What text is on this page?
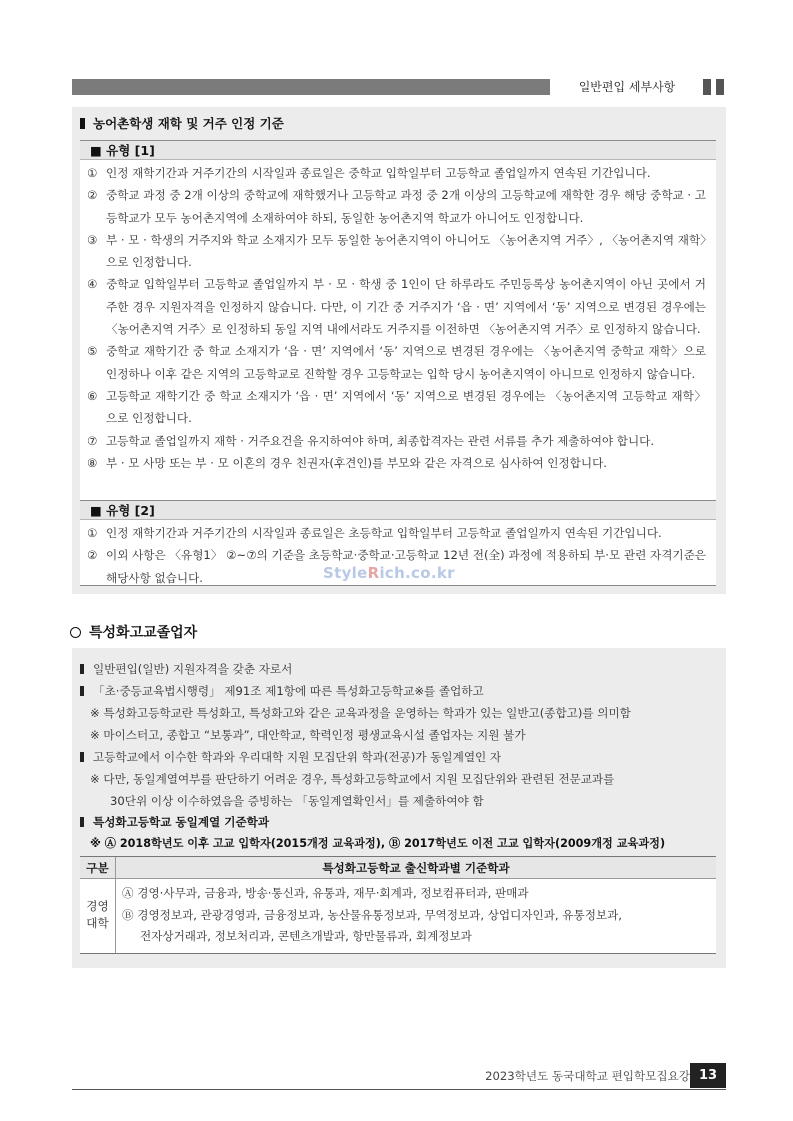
일반편입 세부사항
농어촌학생 재학 및 거주 인정 기준
■ 유형 [1]
① 인정 재학기간과 거주기간의 시작일과 종료일은 중학교 입학일부터 고등학교 졸업일까지 연속된 기간입니다.
② 중학교 과정 중 2개 이상의 중학교에 재학했거나 고등학교 과정 중 2개 이상의 고등학교에 재학한 경우 해당 중학교 · 고등학교가 모두 농어촌지역에 소재하여야 하되, 동일한 농어촌지역 학교가 아니어도 인정합니다.
③ 부 · 모 · 학생의 거주지와 학교 소재지가 모두 동일한 농어촌지역이 아니어도 〈농어촌지역 거주〉, 〈농어촌지역 재학〉으로 인정합니다.
④ 중학교 입학일부터 고등학교 졸업일까지 부 · 모 · 학생 중 1인이 단 하루라도 주민등록상 농어촌지역이 아닌 곳에서 거주한 경우 지원자격을 인정하지 않습니다. 다만, 이 기간 중 거주지가 ‘읍 · 면’ 지역에서 ‘동’ 지역으로 변경된 경우에는 〈농어촌지역 거주〉로 인정하되 동일 지역 내에서라도 거주지를 이전하면 〈농어촌지역 거주〉로 인정하지 않습니다.
⑤ 중학교 재학기간 중 학교 소재지가 ‘읍 · 면’ 지역에서 ‘동’ 지역으로 변경된 경우에는 〈농어촌지역 중학교 재학〉으로 인정하나 이후 같은 지역의 고등학교로 진학할 경우 고등학교는 입학 당시 농어촌지역이 아니므로 인정하지 않습니다.
⑥ 고등학교 재학기간 중 학교 소재지가 ‘읍 · 면’ 지역에서 ‘동’ 지역으로 변경된 경우에는 〈농어촌지역 고등학교 재학〉으로 인정합니다.
⑦ 고등학교 졸업일까지 재학 · 거주요건을 유지하여야 하며, 최종합격자는 관련 서류를 추가 제출하여야 합니다.
⑧ 부 · 모 사망 또는 부 · 모 이혼의 경우 친권자(후견인)를 부모와 같은 자격으로 심사하여 인정합니다.
■ 유형 [2]
① 인정 재학기간과 거주기간의 시작일과 종료일은 초등학교 입학일부터 고등학교 졸업일까지 연속된 기간입니다.
② 이외 사항은 〈유형1〉 ②~⑦의 기준을 초등학교·중학교·고등학교 12년 전(全) 과정에 적용하되 부·모 관련 자격기준은 해당사항 없습니다.	StyleRich.co.kr
특성화고교졸업자
일반편입(일반) 지원자격을 갖춘 자로서
「초·중등교육법시행령」 제91조 제1항에 따른 특성화고등학교※를 졸업하고
※ 특성화고등학교란 특성화고, 특성화고와 같은 교육과정을 운영하는 학과가 있는 일반고(종합고)를 의미함
※ 마이스터고, 종합고 “보통과”, 대안학교, 학력인정 평생교육시설 졸업자는 지원 불가
고등학교에서 이수한 학과와 우리대학 지원 모집단위 학과(전공)가 동일계열인 자
※ 다만, 동일계열여부를 판단하기 어려운 경우, 특성화고등학교에서 지원 모집단위와 관련된 전문교과를
30단위 이상 이수하였음을 증빙하는 「동일계열확인서」를 제출하여야 함
특성화고등학교 동일계열 기준학과
※ Ⓐ 2018학년도 이후 고교 입학자(2015개정 교육과정), Ⓑ 2017학년도 이전 고교 입학자(2009개정 교육과정)
구분	특성화고등학교 출신학과별 기준학과
경영
대학
Ⓐ 경영·사무과, 금융과, 방송·통신과, 유통과, 재무·회계과, 정보컴퓨터과, 판매과
Ⓑ 경영정보과, 관광경영과, 금융정보과, 농산물유통정보과, 무역정보과, 상업디자인과, 유통정보과,
전자상거래과, 정보처리과, 콘텐츠개발과, 항만물류과, 회계정보과
2023학년도 동국대학교 편입학모집요강 13
